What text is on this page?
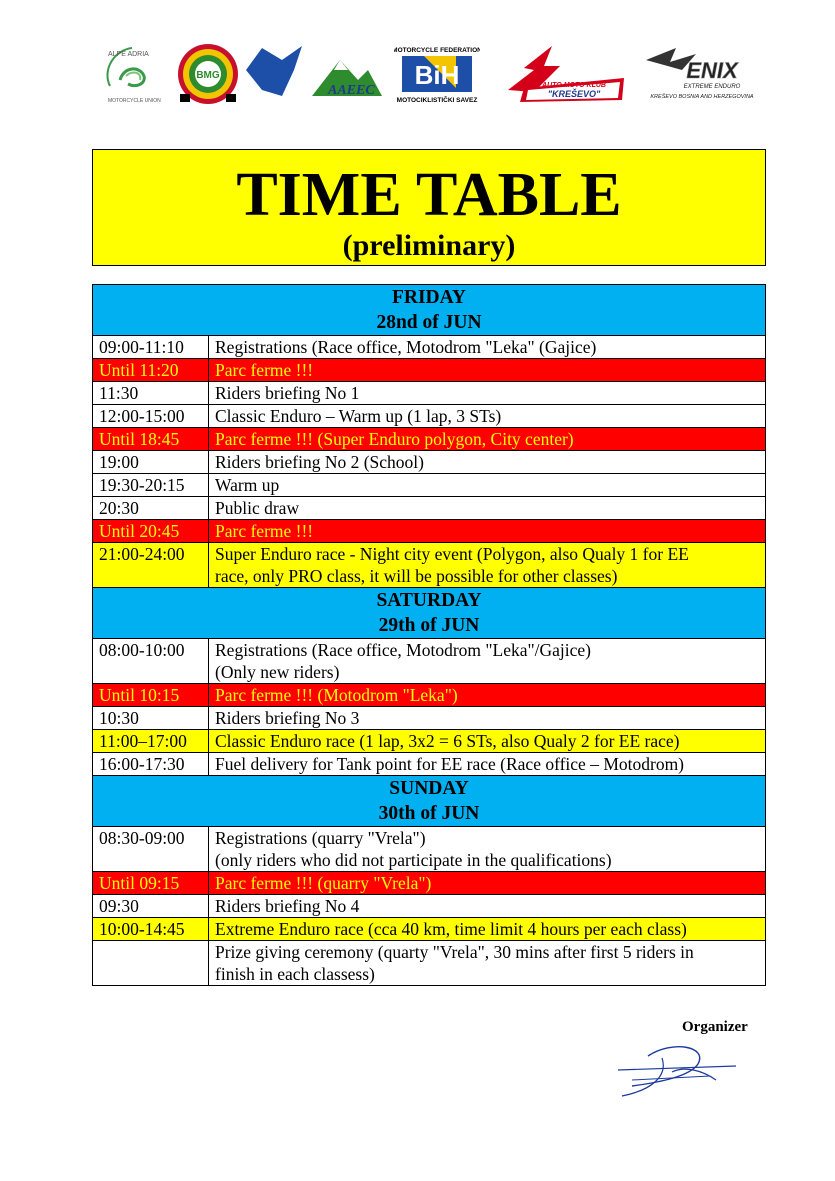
ALPE ADRIA
MOTORCYCLE UNION
BMG
AAEEC
MOTORCYCLE FEDERATION
BiH
MOTOCIKLISTIČKI SAVEZ
AUTO MOTO KLUB
"KREŠEVO"
ENIX
EXTREME ENDURO
KREŠEVO BOSNIA AND HERZEGOVINA
TIME TABLE
(preliminary)
FRIDAY
28nd of JUN	

09:00-11:10	Registrations (Race office, Motodrom "Leka" (Gajice)

Until 11:20	Parc ferme !!!

11:30	Riders briefing No 1

12:00-15:00	Classic Enduro – Warm up (1 lap, 3 STs)

Until 18:45	Parc ferme !!! (Super Enduro polygon, City center)

19:00	Riders briefing No 2 (School)

19:30-20:15	Warm up

20:30	Public draw

Until 20:45	Parc ferme !!!

21:00-24:00	Super Enduro race - Night city event (Polygon, also Qualy 1 for EE
race, only PRO class, it will be possible for other classes)

SATURDAY
29th of JUN	

08:00-10:00	Registrations (Race office, Motodrom "Leka"/Gajice)
(Only new riders)

Until 10:15	Parc ferme !!! (Motodrom "Leka")

10:30	Riders briefing No 3

11:00–17:00	Classic Enduro race (1 lap, 3x2 = 6 STs, also Qualy 2 for EE race)

16:00-17:30	Fuel delivery for Tank point for EE race (Race office – Motodrom)

SUNDAY
30th of JUN	

08:30-09:00	Registrations (quarry "Vrela")
(only riders who did not participate in the qualifications)

Until 09:15	Parc ferme !!! (quarry "Vrela")

09:30	Riders briefing No 4

10:00-14:45	Extreme Enduro race (cca 40 km, time limit 4 hours per each class)

	Prize giving ceremony (quarty "Vrela", 30 mins after first 5 riders in
finish in each classess)
Organizer
